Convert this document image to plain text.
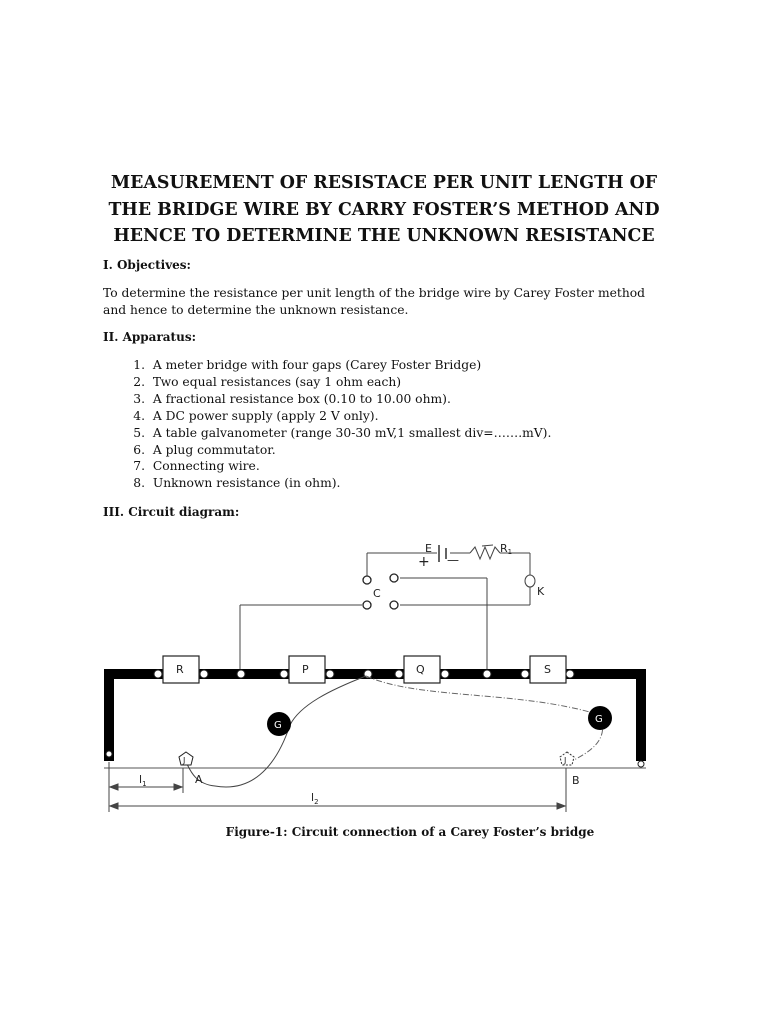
MEASUREMENT OF RESISTACE PER UNIT LENGTH OF
THE BRIDGE WIRE BY CARRY FOSTER’S METHOD AND
HENCE TO DETERMINE THE UNKNOWN RESISTANCE
I. Objectives:
To determine the resistance per unit length of the bridge wire by Carey Foster method
and hence to determine the unknown resistance.
II. Apparatus:
1. A meter bridge with four gaps (Carey Foster Bridge)
2. Two equal resistances (say 1 ohm each)
3. A fractional resistance box (0.10 to 10.00 ohm).
4. A DC power supply (apply 2 V only).
5. A table galvanometer (range 30-30 mV,1 smallest div=…….mV).
6. A plug commutator.
7. Connecting wire.
8. Unknown resistance (in ohm).
III. Circuit diagram:
E
+ —
R1
K
C
R	P	Q	S
G
G
J	J
A	B
$l_1$
$l_2$
Figure-1: Circuit connection of a Carey Foster’s bridge
